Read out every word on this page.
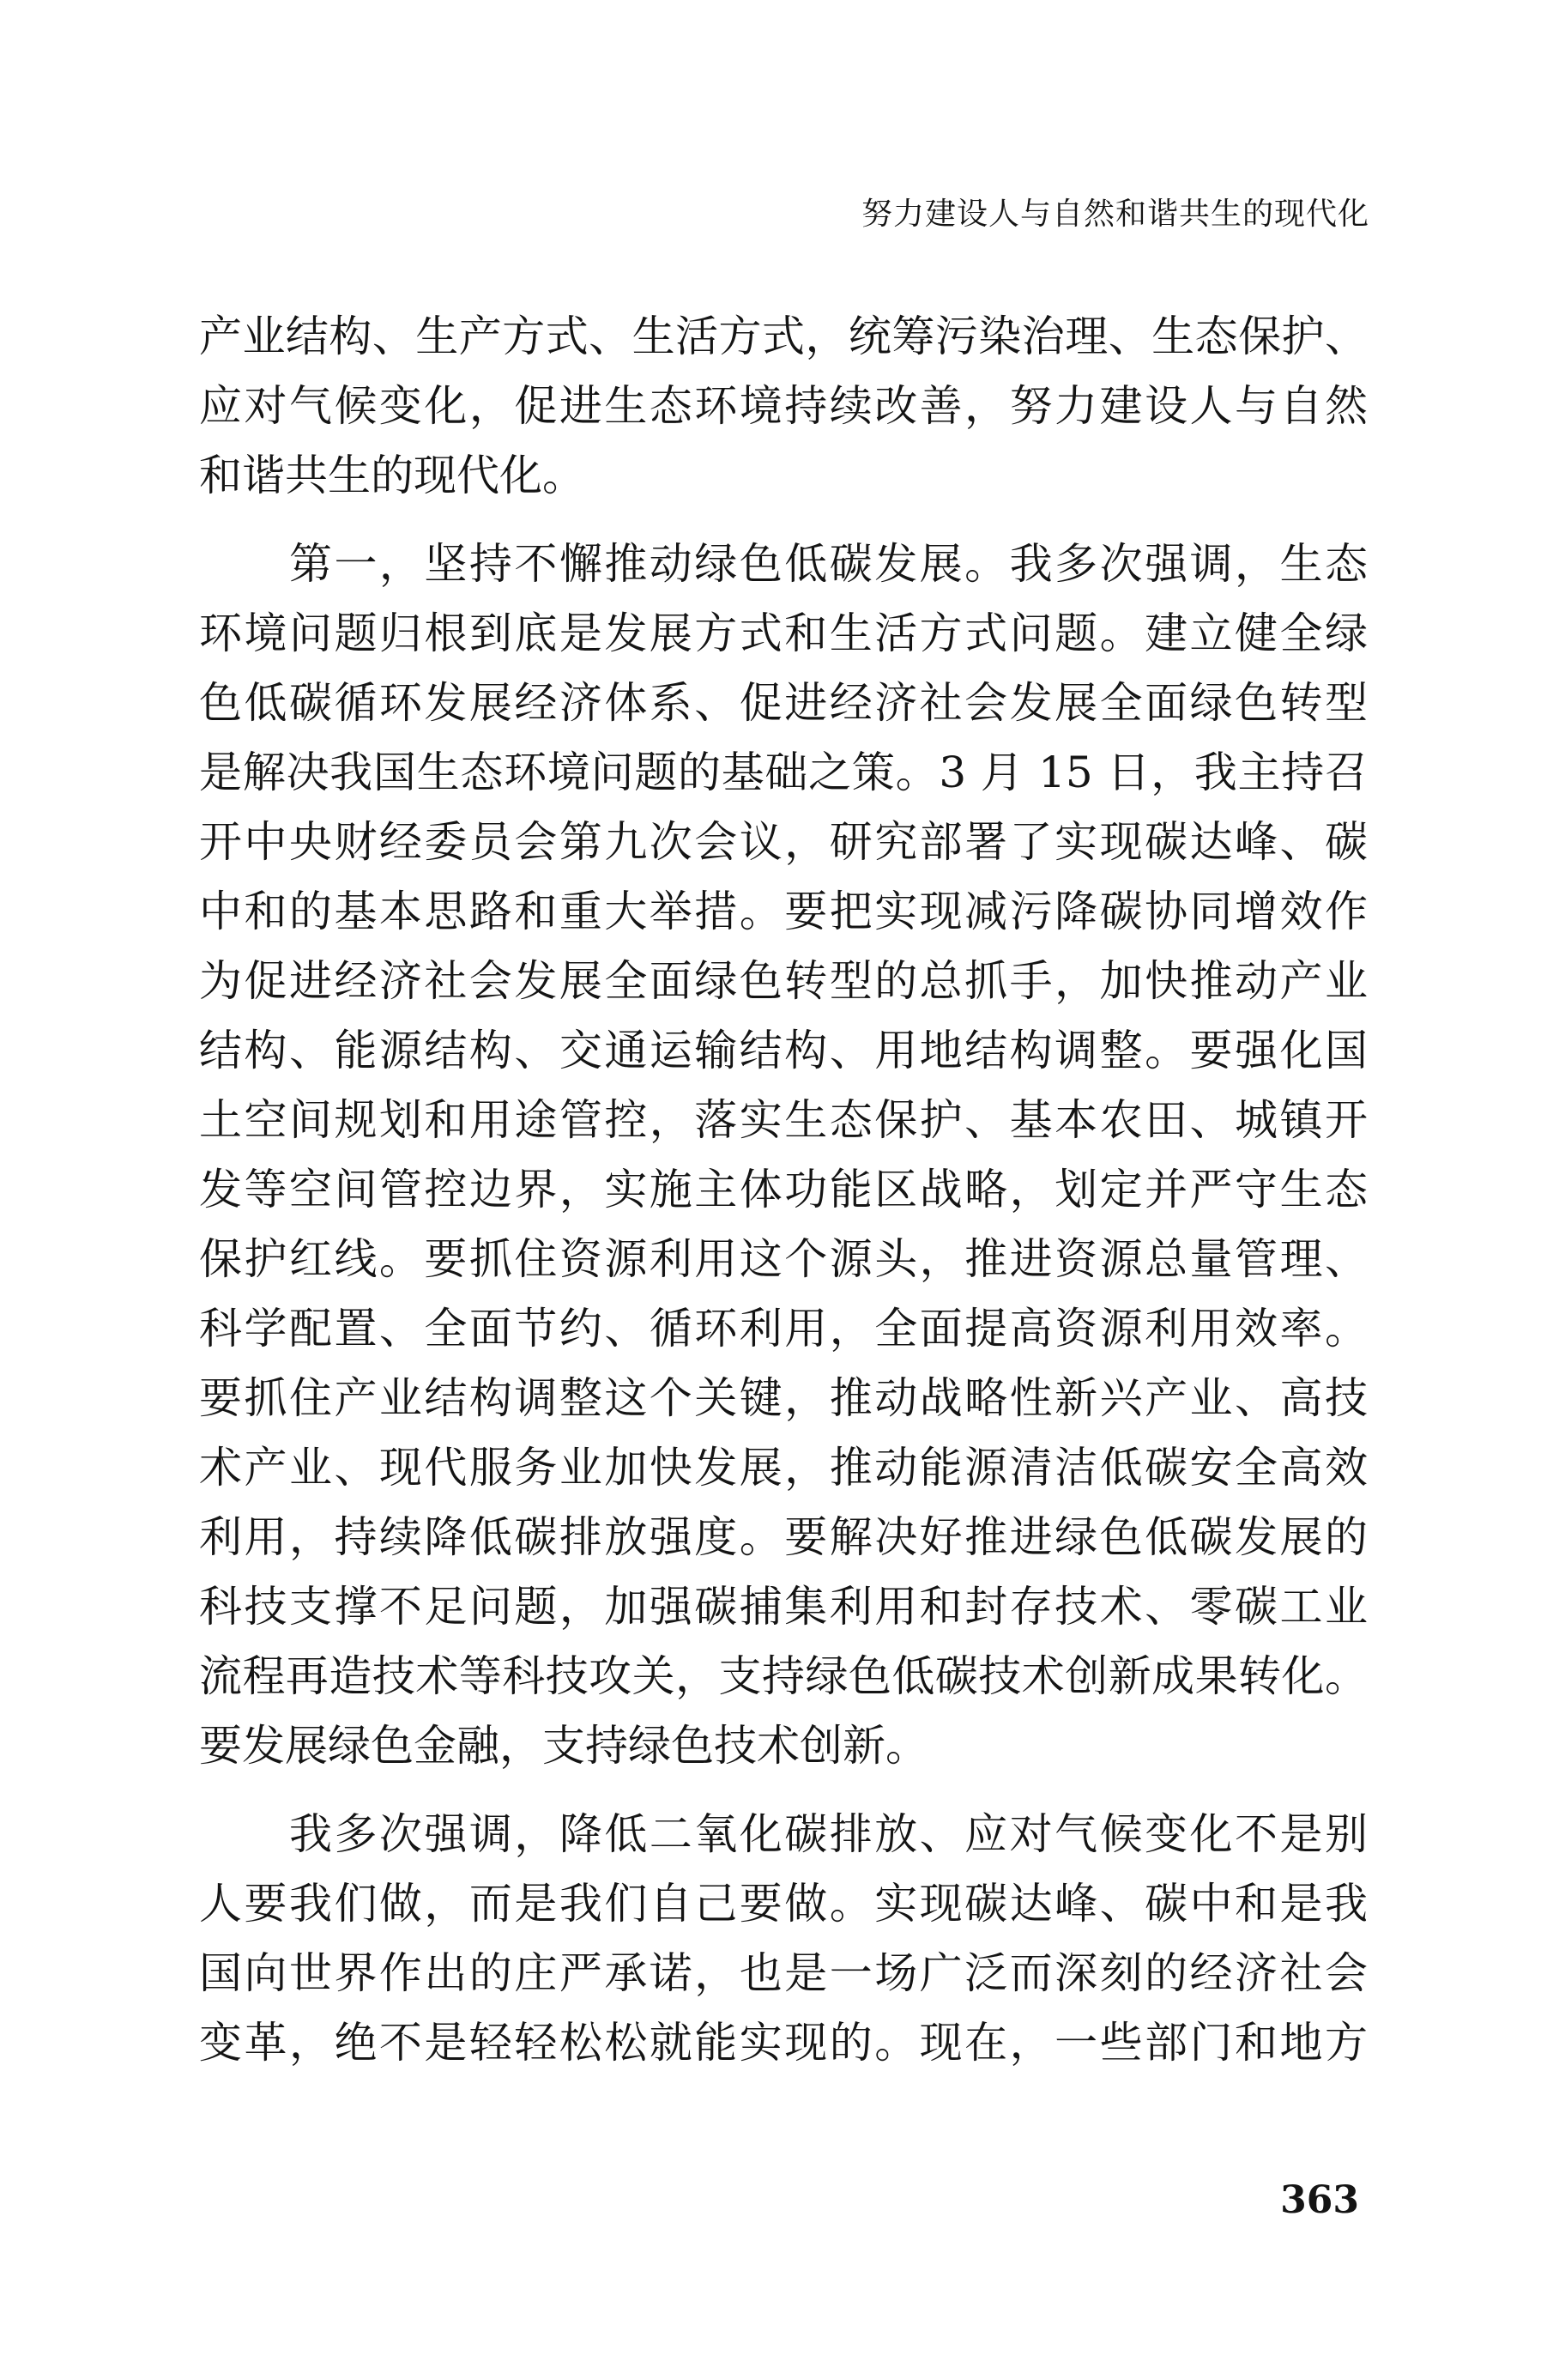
努力建设人与自然和谐共生的现代化
产业结构、生产方式、生活方式，统筹污染治理、生态保护、
应对气候变化，促进生态环境持续改善，努力建设人与自然
和谐共生的现代化。
　　第一，坚持不懈推动绿色低碳发展。我多次强调，生态
环境问题归根到底是发展方式和生活方式问题。建立健全绿
色低碳循环发展经济体系、促进经济社会发展全面绿色转型
是解决我国生态环境问题的基础之策。3 月 15 日，我主持召
开中央财经委员会第九次会议，研究部署了实现碳达峰、碳
中和的基本思路和重大举措。要把实现减污降碳协同增效作
为促进经济社会发展全面绿色转型的总抓手，加快推动产业
结构、能源结构、交通运输结构、用地结构调整。要强化国
土空间规划和用途管控，落实生态保护、基本农田、城镇开
发等空间管控边界，实施主体功能区战略，划定并严守生态
保护红线。要抓住资源利用这个源头，推进资源总量管理、
科学配置、全面节约、循环利用，全面提高资源利用效率。
要抓住产业结构调整这个关键，推动战略性新兴产业、高技
术产业、现代服务业加快发展，推动能源清洁低碳安全高效
利用，持续降低碳排放强度。要解决好推进绿色低碳发展的
科技支撑不足问题，加强碳捕集利用和封存技术、零碳工业
流程再造技术等科技攻关，支持绿色低碳技术创新成果转化。
要发展绿色金融，支持绿色技术创新。
　　我多次强调，降低二氧化碳排放、应对气候变化不是别
人要我们做，而是我们自己要做。实现碳达峰、碳中和是我
国向世界作出的庄严承诺，也是一场广泛而深刻的经济社会
变革，绝不是轻轻松松就能实现的。现在，一些部门和地方
363
